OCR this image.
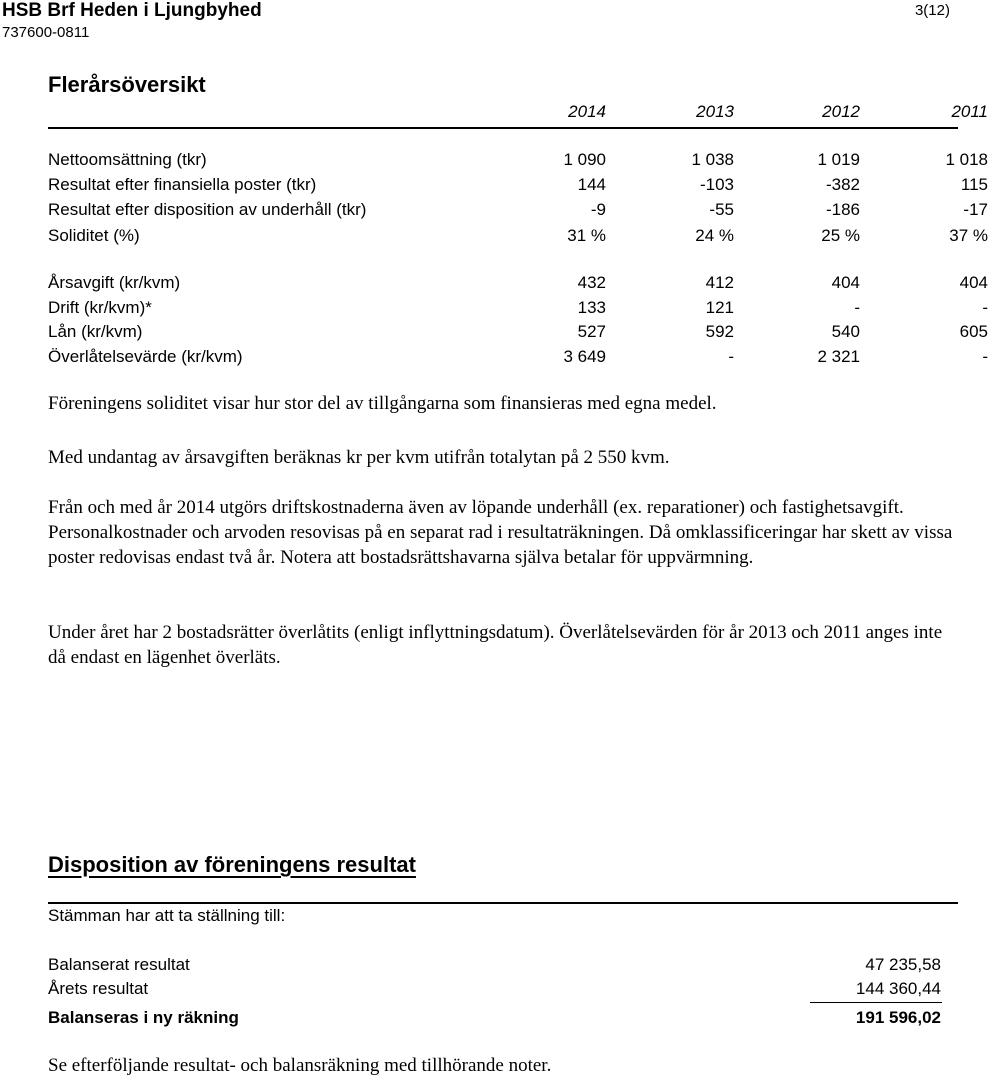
HSB Brf Heden i Ljungbyhed
737600-0811
3(12)
Flerårsöversikt
2014	2013	2012	2011
Nettoomsättning (tkr)	1 090	1 038	1 019	1 018
Resultat efter finansiella poster (tkr)	144	-103	-382	115
Resultat efter disposition av underhåll (tkr)	-9	-55	-186	-17
Soliditet (%)	31 %	24 %	25 %	37 %
Årsavgift (kr/kvm)	432	412	404	404
Drift (kr/kvm)*	133	121	-	-
Lån (kr/kvm)	527	592	540	605
Överlåtelsevärde (kr/kvm)	3 649	-	2 321	-
Föreningens soliditet visar hur stor del av tillgångarna som finansieras med egna medel.
Med undantag av årsavgiften beräknas kr per kvm utifrån totalytan på 2 550 kvm.
Från och med år 2014 utgörs driftskostnaderna även av löpande underhåll (ex. reparationer) och fastighetsavgift. Personalkostnader och arvoden resovisas på en separat rad i resultaträkningen. Då omklassificeringar har skett av vissa poster redovisas endast två år. Notera att bostadsrättshavarna själva betalar för uppvärmning.
Under året har 2 bostadsrätter överlåtits (enligt inflyttningsdatum). Överlåtelsevärden för år 2013 och 2011 anges inte då endast en lägenhet överläts.
Disposition av föreningens resultat
Stämman har att ta ställning till:
Balanserat resultat	47 235,58
Årets resultat	144 360,44
Balanseras i ny räkning	191 596,02
Se efterföljande resultat- och balansräkning med tillhörande noter.
